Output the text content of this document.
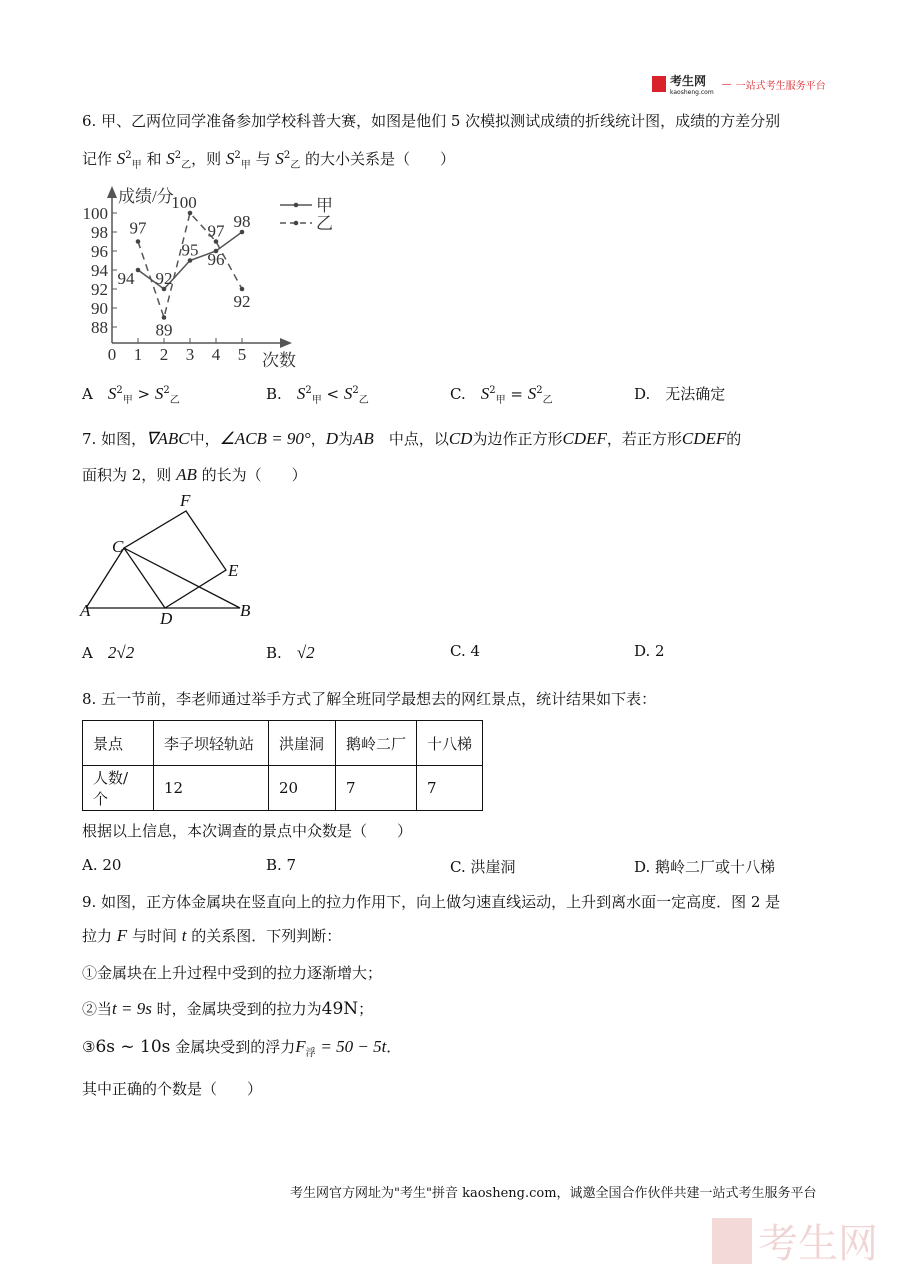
考生网
kaosheng.com
— 一站式考生服务平台
6. 甲、乙两位同学准备参加学校科普大赛，如图是他们 5 次模拟测试成绩的折线统计图，成绩的方差分别
记作 $S^2_甲$ 和 $S^2_乙$，则 $S^2_甲$ 与 $S^2_乙$ 的大小关系是（　　）
成绩/分
次数
0 1 2 3 4 5
88
90
92
94
96
98
100
94 92
95 96
98
甲
97
89
100
97
92
乙
A　 $S^2_甲 > S^2_乙$	B.　 $S^2_甲 < S^2_乙$	C.　 $S^2_甲 = S^2_乙$	D.　 无法确定
7. 如图，∇ABC中，∠ACB = 90°，D为AB　中点，以CD为边作正方形CDEF，若正方形CDEF的
面积为 2，则 AB 的长为（　　）
A	B
C
D
E
F
A　 2√2	B.　 √2	C. 4	D. 2
8. 五一节前，李老师通过举手方式了解全班同学最想去的网红景点，统计结果如下表：
景点	李子坝轻轨站	洪崖洞	鹅岭二厂	十八梯
人数/个	12	20	7	7
根据以上信息，本次调查的景点中众数是（　　）
A. 20	B. 7	C. 洪崖洞	D. 鹅岭二厂或十八梯
9. 如图，正方体金属块在竖直向上的拉力作用下，向上做匀速直线运动，上升到离水面一定高度．图 2 是
拉力 F 与时间 t 的关系图．下列判断：
①金属块在上升过程中受到的拉力逐渐增大；
②当t = 9s 时，金属块受到的拉力为49N；
③6s ~ 10s 金属块受到的浮力$F_浮 = 50 - 5t$．
其中正确的个数是（　　）
考生网官方网址为"考生"拼音 kaosheng.com，诚邀全国合作伙伴共建一站式考生服务平台
考生网
